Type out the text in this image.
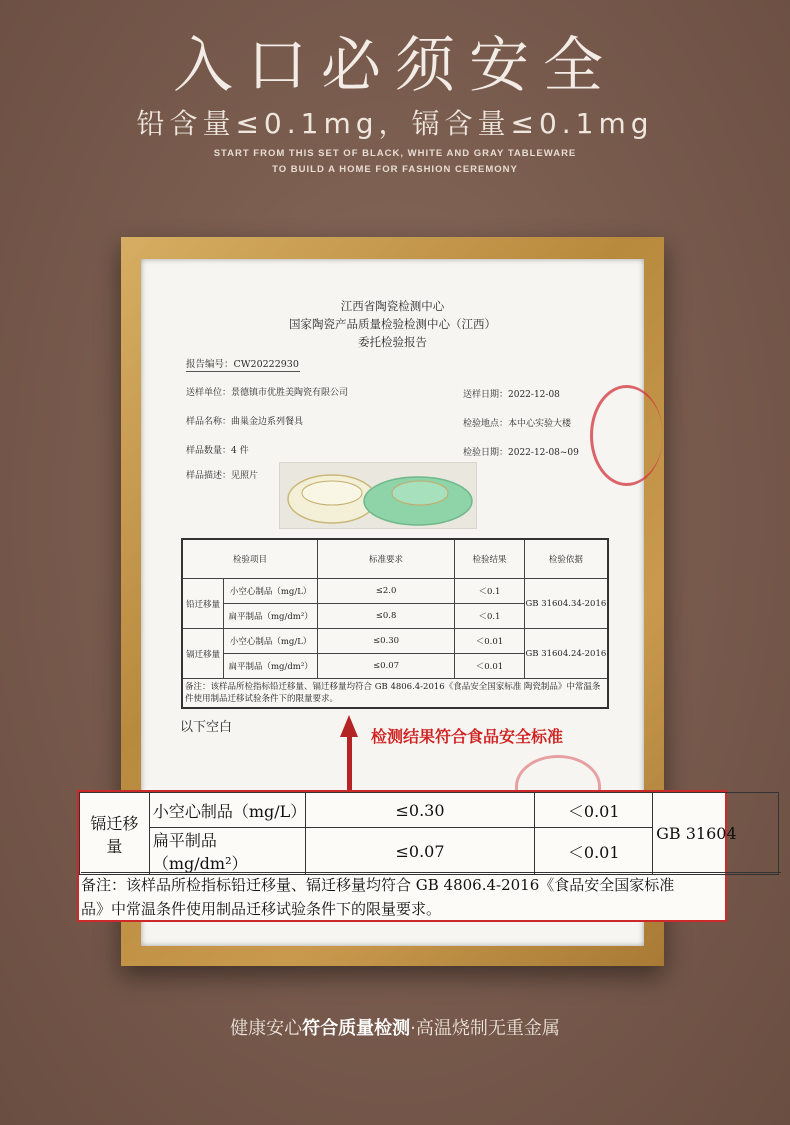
入口必须安全
铅含量≤0.1mg，镉含量≤0.1mg
START FROM THIS SET OF BLACK, WHITE AND GRAY TABLEWARE
TO BUILD A HOME FOR FASHION CEREMONY
江西省陶瓷检测中心
国家陶瓷产品质量检验检测中心（江西）
委托检验报告
报告编号：CW20222930
送样单位：景德镇市优胜美陶瓷有限公司
样品名称：曲巢金边系列餐具
样品数量：4 件
样品描述：见照片
送样日期：2022-12-08
检验地点：本中心实验大楼
检验日期：2022-12-08~09
检验项目		标准要求	检验结果	检验依据
铅迁移量	小空心制品（mg/L）	≤2.0	＜0.1	GB 31604.34-2016
	扁平制品（mg/dm²）	≤0.8	＜0.1	
镉迁移量	小空心制品（mg/L）	≤0.30	＜0.01	GB 31604.24-2016
	扁平制品（mg/dm²）	≤0.07	＜0.01	
备注：该样品所检指标铅迁移量、镉迁移量均符合 GB 4806.4-2016《食品安全国家标准 陶瓷制品》中常温条件使用制品迁移试验条件下的限量要求。				
以下空白	检测结果符合食品安全标准
镉迁移量	小空心制品（mg/L）	≤0.30	＜0.01	GB 31604
	扁平制品（mg/dm²）	≤0.07	＜0.01	
备注：该样品所检指标铅迁移量、镉迁移量均符合 GB 4806.4-2016《食品安全国家标准
品》中常温条件使用制品迁移试验条件下的限量要求。
健康安心符合质量检测·高温烧制无重金属
